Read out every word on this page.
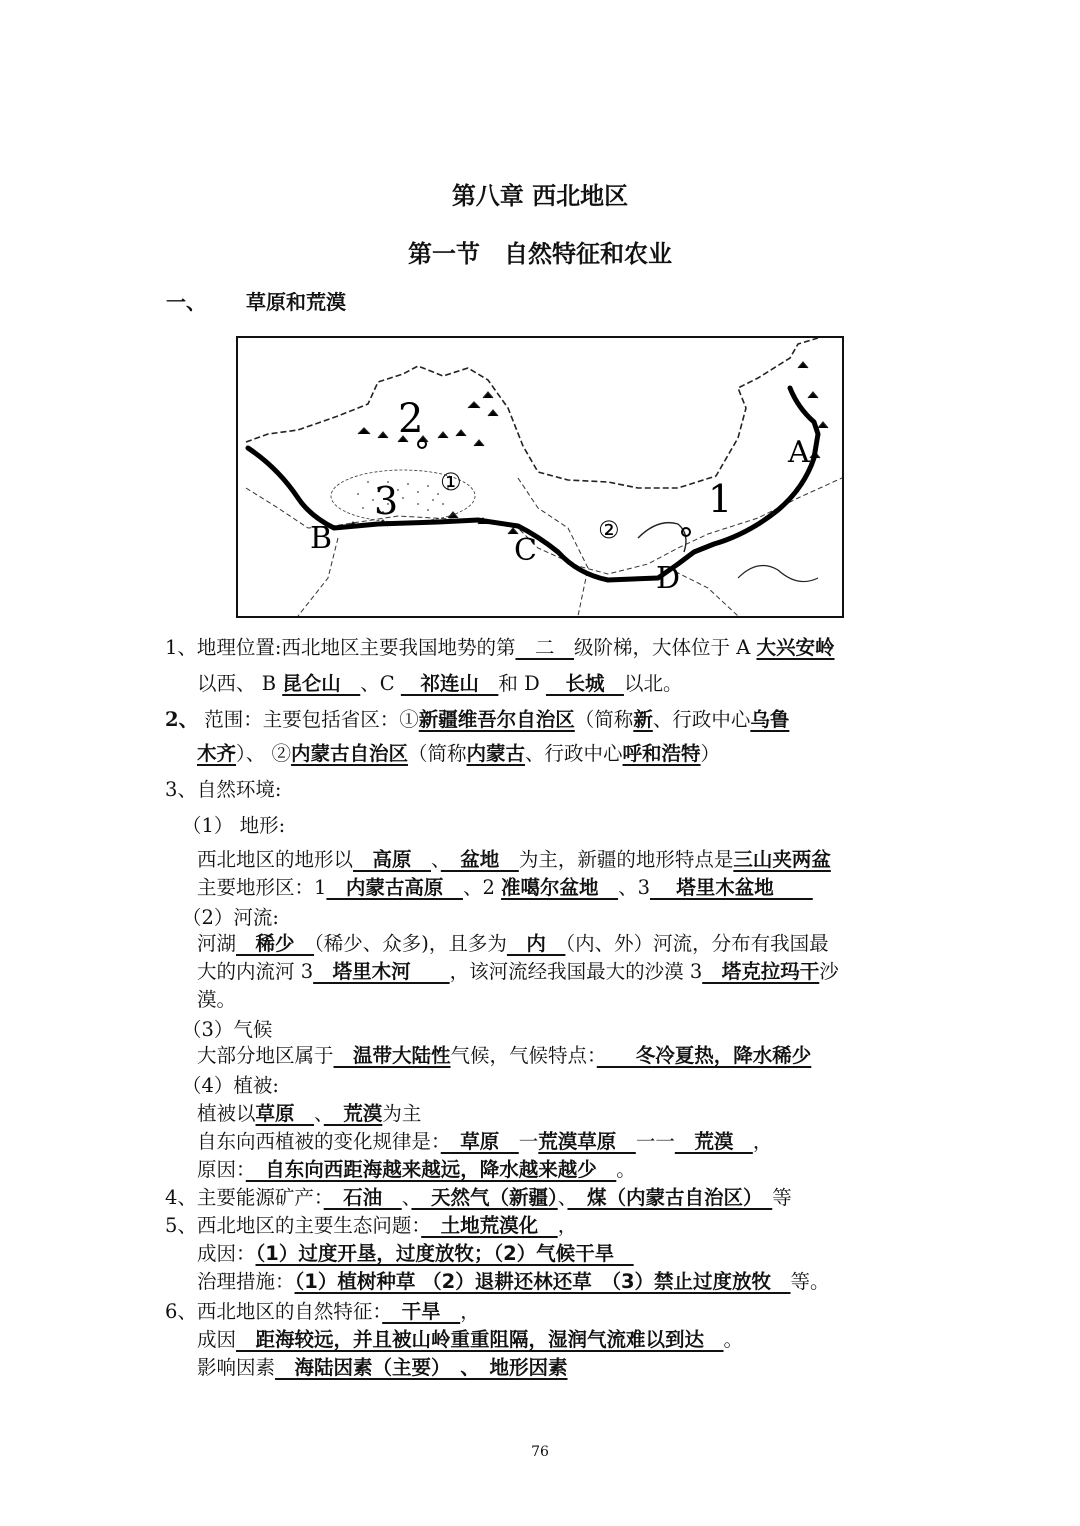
第八章 西北地区
第一节　自然特征和农业
一、 草原和荒漠
2
3	1
①
②
A
B	C
D
1、地理位置:西北地区主要我国地势的第　二　级阶梯，大体位于 A 大兴安岭
以西、 B 昆仑山　、C 　祁连山　和 D 　长城　以北。
2、 范围：主要包括省区：①新疆维吾尔自治区（简称新、行政中心乌鲁
木齐）、 ②内蒙古自治区（简称内蒙古、行政中心呼和浩特）
3、自然环境:
（1） 地形:
西北地区的地形以　高原　、　盆地　为主，新疆的地形特点是三山夹两盆
主要地形区：1　内蒙古高原　、2 准噶尔盆地　、3　 塔里木盆地　　
（2）河流:
河湖　稀少　（稀少、众多)，且多为　内　（内、外）河流，分布有我国最
大的内流河 3　塔里木河　　，该河流经我国最大的沙漠 3　塔克拉玛干沙
漠。
（3）气候
大部分地区属于　温带大陆性气候，气候特点：　　冬冷夏热，降水稀少
（4）植被:
植被以草原　、　荒漠为主
自东向西植被的变化规律是：　草原　一荒漠草原　一一　荒漠　，
原因：　自东向西距海越来越远，降水越来越少　。
4、主要能源矿产：　石油　、　天然气（新疆）、　煤（内蒙古自治区）　等
5、西北地区的主要生态问题：　土地荒漠化　，
成因：（1）过度开垦，过度放牧；（2）气候干旱　
治理措施：（1）植树种草 （2）退耕还林还草　（3）禁止过度放牧　等。
6、西北地区的自然特征：　干旱　，
成因　距海较远，并且被山岭重重阻隔，湿润气流难以到达　。
影响因素　海陆因素（主要）　、　地形因素
76
